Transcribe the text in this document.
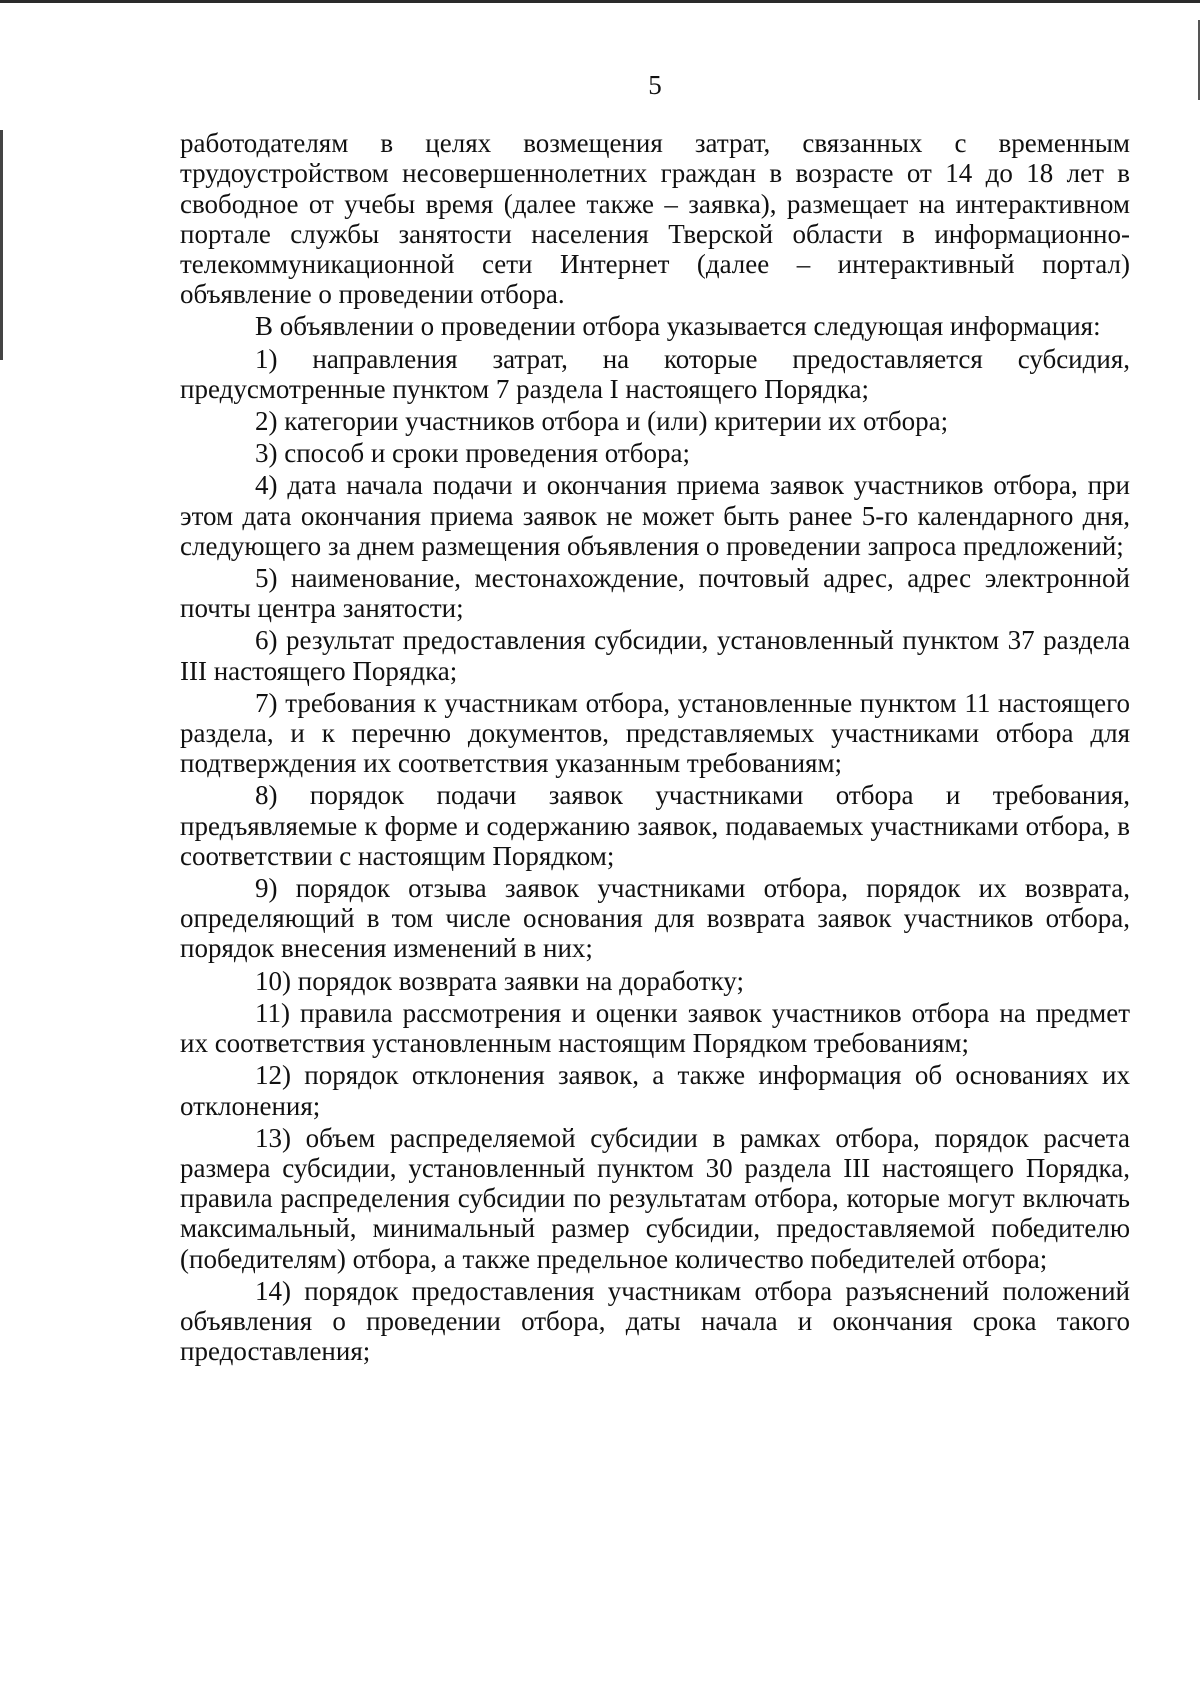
5

работодателям в целях возмещения затрат, связанных с временным трудоустройством несовершеннолетних граждан в возрасте от 14 до 18 лет в свободное от учебы время (далее также – заявка), размещает на интерактивном портале службы занятости населения Тверской области в информационно-телекоммуникационной сети Интернет (далее – интерактивный портал) объявление о проведении отбора.

В объявлении о проведении отбора указывается следующая информация:

1) направления затрат, на которые предоставляется субсидия, предусмотренные пунктом 7 раздела I настоящего Порядка;

2) категории участников отбора и (или) критерии их отбора;

3) способ и сроки проведения отбора;

4) дата начала подачи и окончания приема заявок участников отбора, при этом дата окончания приема заявок не может быть ранее 5-го календарного дня, следующего за днем размещения объявления о проведении запроса предложений;

5) наименование, местонахождение, почтовый адрес, адрес электронной почты центра занятости;

6) результат предоставления субсидии, установленный пунктом 37 раздела III настоящего Порядка;

7) требования к участникам отбора, установленные пунктом 11 настоящего раздела, и к перечню документов, представляемых участниками отбора для подтверждения их соответствия указанным требованиям;

8) порядок подачи заявок участниками отбора и требования, предъявляемые к форме и содержанию заявок, подаваемых участниками отбора, в соответствии с настоящим Порядком;

9) порядок отзыва заявок участниками отбора, порядок их возврата, определяющий в том числе основания для возврата заявок участников отбора, порядок внесения изменений в них;

10) порядок возврата заявки на доработку;

11) правила рассмотрения и оценки заявок участников отбора на предмет их соответствия установленным настоящим Порядком требованиям;

12) порядок отклонения заявок, а также информация об основаниях их отклонения;

13) объем распределяемой субсидии в рамках отбора, порядок расчета размера субсидии, установленный пунктом 30 раздела III настоящего Порядка, правила распределения субсидии по результатам отбора, которые могут включать максимальный, минимальный размер субсидии, предоставляемой победителю (победителям) отбора, а также предельное количество победителей отбора;

14) порядок предоставления участникам отбора разъяснений положений объявления о проведении отбора, даты начала и окончания срока такого предоставления;
